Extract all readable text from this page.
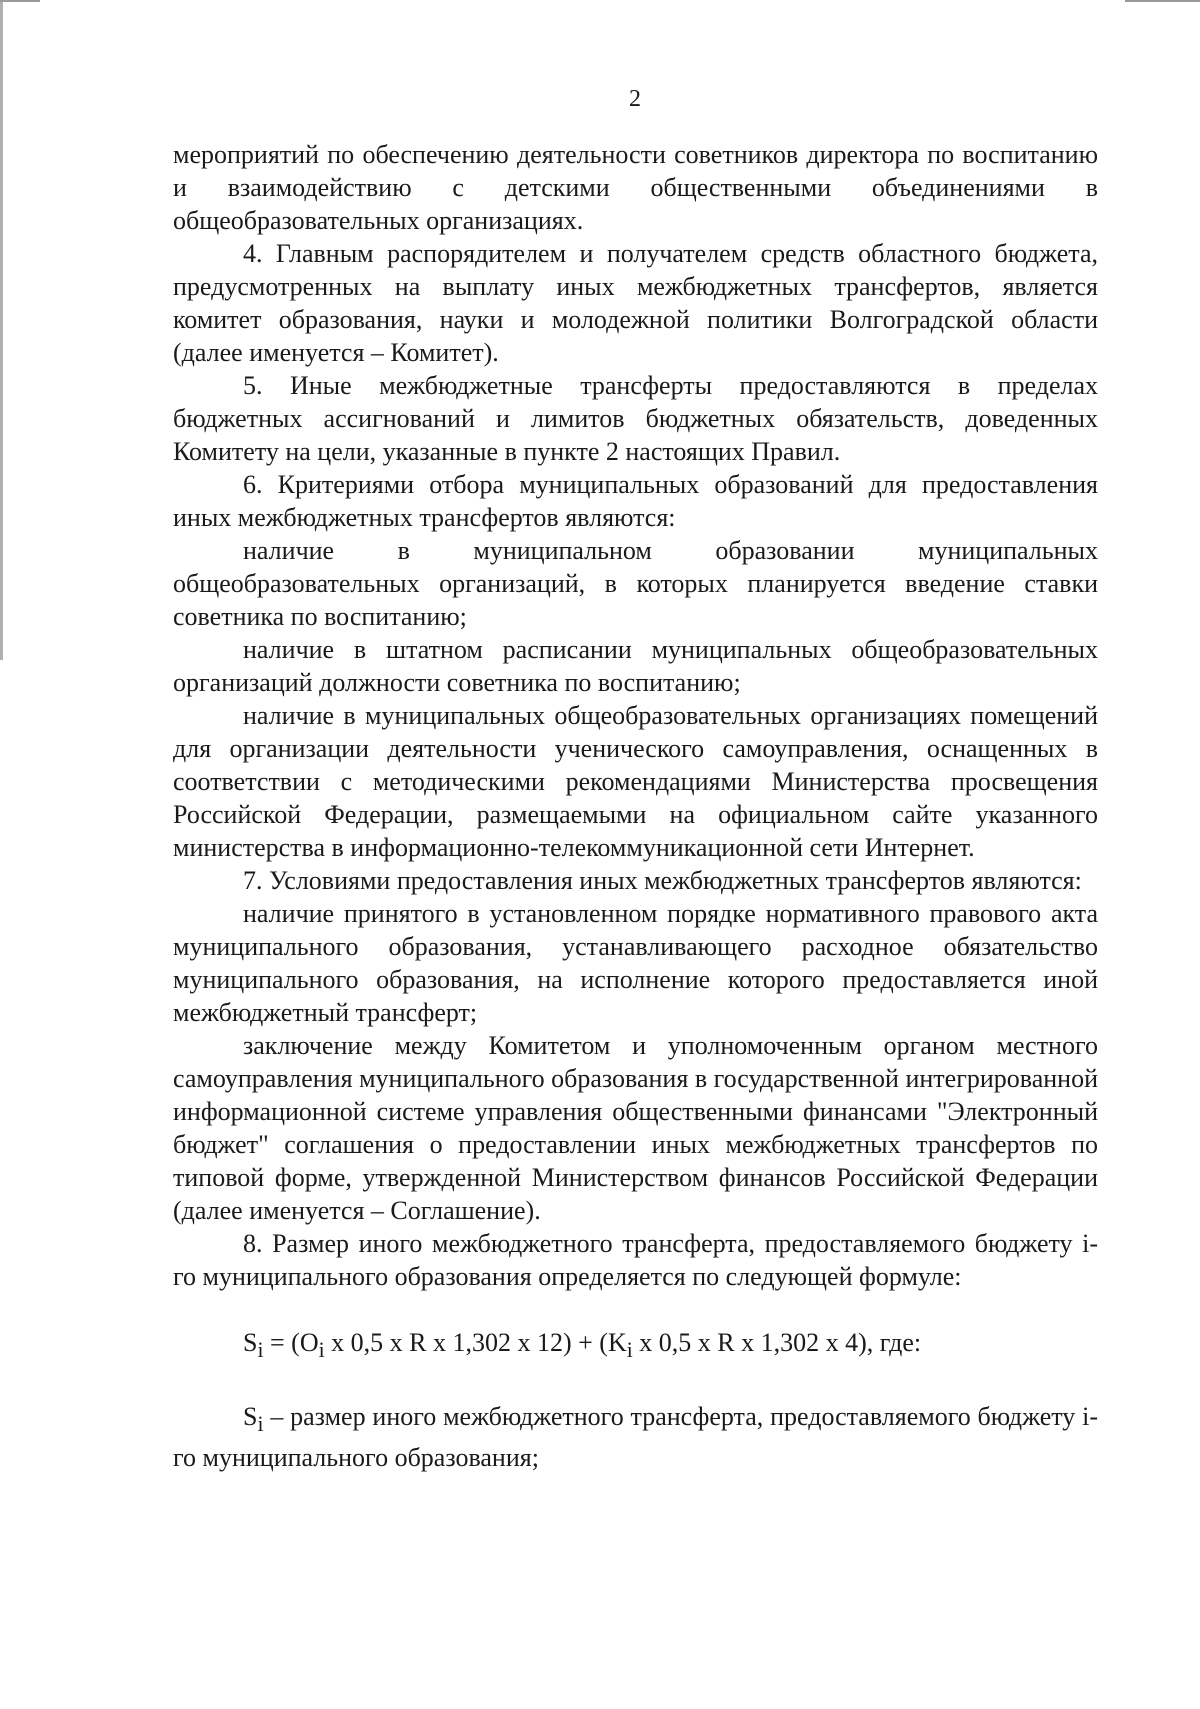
2

мероприятий по обеспечению деятельности советников директора по воспитанию и взаимодействию с детскими общественными объединениями в общеобразовательных организациях.

4. Главным распорядителем и получателем средств областного бюджета, предусмотренных на выплату иных межбюджетных трансфертов, является комитет образования, науки и молодежной политики Волгоградской области (далее именуется – Комитет).

5. Иные межбюджетные трансферты предоставляются в пределах бюджетных ассигнований и лимитов бюджетных обязательств, доведенных Комитету на цели, указанные в пункте 2 настоящих Правил.

6. Критериями отбора муниципальных образований для предоставления иных межбюджетных трансфертов являются:

наличие в муниципальном образовании муниципальных общеобразовательных организаций, в которых планируется введение ставки советника по воспитанию;

наличие в штатном расписании муниципальных общеобразовательных организаций должности советника по воспитанию;

наличие в муниципальных общеобразовательных организациях помещений для организации деятельности ученического самоуправления, оснащенных в соответствии с методическими рекомендациями Министерства просвещения Российской Федерации, размещаемыми на официальном сайте указанного министерства в информационно-телекоммуникационной сети Интернет.

7. Условиями предоставления иных межбюджетных трансфертов являются:

наличие принятого в установленном порядке нормативного правового акта муниципального образования, устанавливающего расходное обязательство муниципального образования, на исполнение которого предоставляется иной межбюджетный трансферт;

заключение между Комитетом и уполномоченным органом местного самоуправления муниципального образования в государственной интегрированной информационной системе управления общественными финансами "Электронный бюджет" соглашения о предоставлении иных межбюджетных трансфертов по типовой форме, утвержденной Министерством финансов Российской Федерации (далее именуется – Соглашение).

8. Размер иного межбюджетного трансферта, предоставляемого бюджету i-го муниципального образования определяется по следующей формуле:

$S_i = (O_i$ x 0,5 x R x 1,302 x $12) + (K_i$ x 0,5 x R x 1,302 x 4), где:

$S_i$ – размер иного межбюджетного трансферта, предоставляемого бюджету i-го муниципального образования;
